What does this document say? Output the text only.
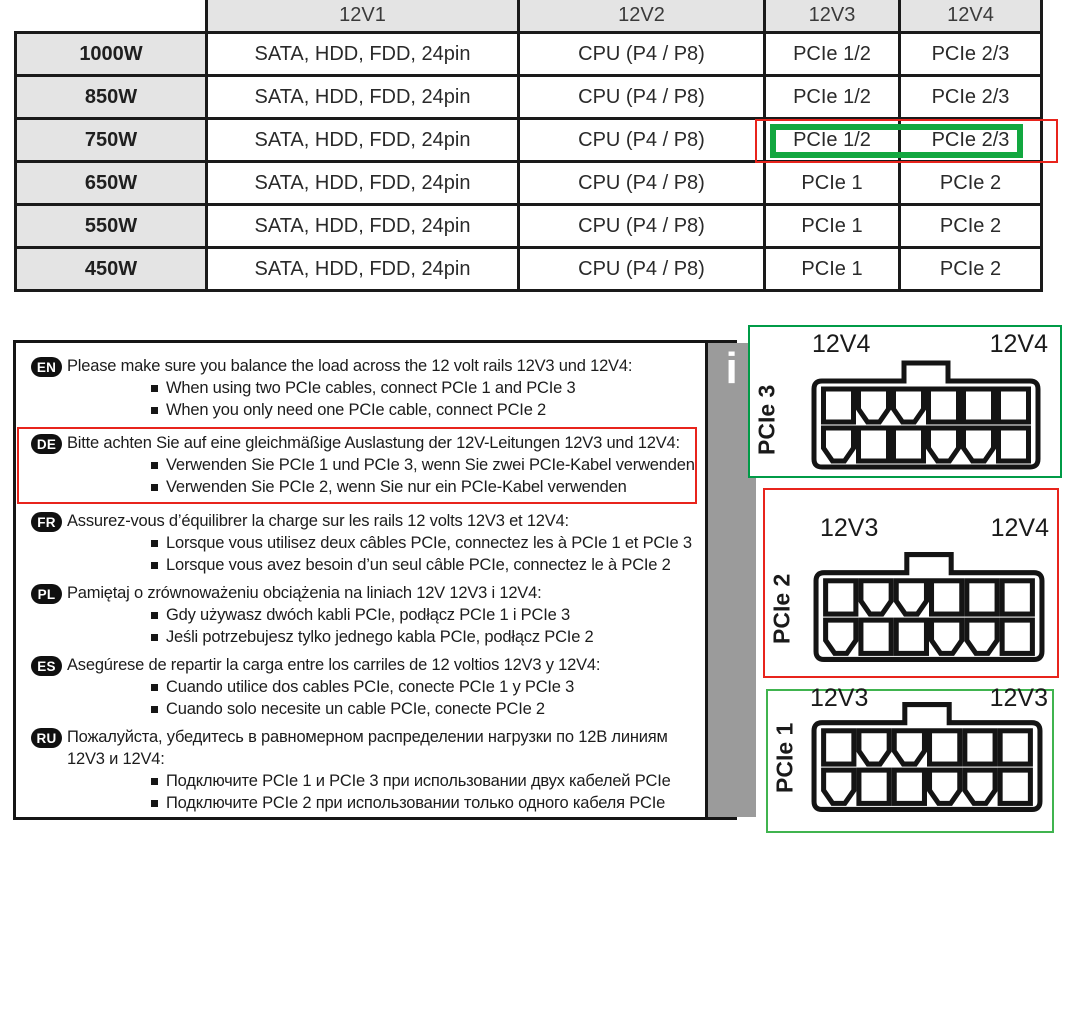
	12V1	12V2	12V3	12V4
1000W	SATA, HDD, FDD, 24pin	CPU (P4 / P8)	PCIe 1/2	PCIe 2/3
850W	SATA, HDD, FDD, 24pin	CPU (P4 / P8)	PCIe 1/2	PCIe 2/3
750W	SATA, HDD, FDD, 24pin	CPU (P4 / P8)	PCIe 1/2	PCIe 2/3
650W	SATA, HDD, FDD, 24pin	CPU (P4 / P8)	PCIe 1	PCIe 2
550W	SATA, HDD, FDD, 24pin	CPU (P4 / P8)	PCIe 1	PCIe 2
450W	SATA, HDD, FDD, 24pin	CPU (P4 / P8)	PCIe 1	PCIe 2
EN Please make sure you balance the load across the 12 volt rails 12V3 und 12V4:
When using two PCIe cables, connect PCIe 1 and PCIe 3
When you only need one PCIe cable, connect PCIe 2
DE Bitte achten Sie auf eine gleichmäßige Auslastung der 12V-Leitungen 12V3 und 12V4:
Verwenden Sie PCIe 1 und PCIe 3, wenn Sie zwei PCIe-Kabel verwenden
Verwenden Sie PCIe 2, wenn Sie nur ein PCIe-Kabel verwenden
FR Assurez-vous d’équilibrer la charge sur les rails 12 volts 12V3 et 12V4:
Lorsque vous utilisez deux câbles PCIe, connectez les à PCIe 1 et PCIe 3
Lorsque vous avez besoin d’un seul câble PCIe, connectez le à PCIe 2
PL Pamiętaj o zrównoważeniu obciążenia na liniach 12V 12V3 i 12V4:
Gdy używasz dwóch kabli PCIe, podłącz PCIe 1 i PCIe 3
Jeśli potrzebujesz tylko jednego kabla PCIe, podłącz PCIe 2
ES Asegúrese de repartir la carga entre los carriles de 12 voltios 12V3 y 12V4:
Cuando utilice dos cables PCIe, conecte PCIe 1 y PCIe 3
Cuando solo necesite un cable PCIe, conecte PCIe 2
RU Пожалуйста, убедитесь в равномерном распределении нагрузки по 12В линиям 12V3 и 12V4:
Подключите PCIe 1 и PCIe 3 при использовании двух кабелей PCIe
Подключите PCIe 2 при использовании только одного кабеля PCIe
i	12V4	12V4
PCIe 3
12V3	12V4
PCIe 2
12V3	12V3
PCIe 1
